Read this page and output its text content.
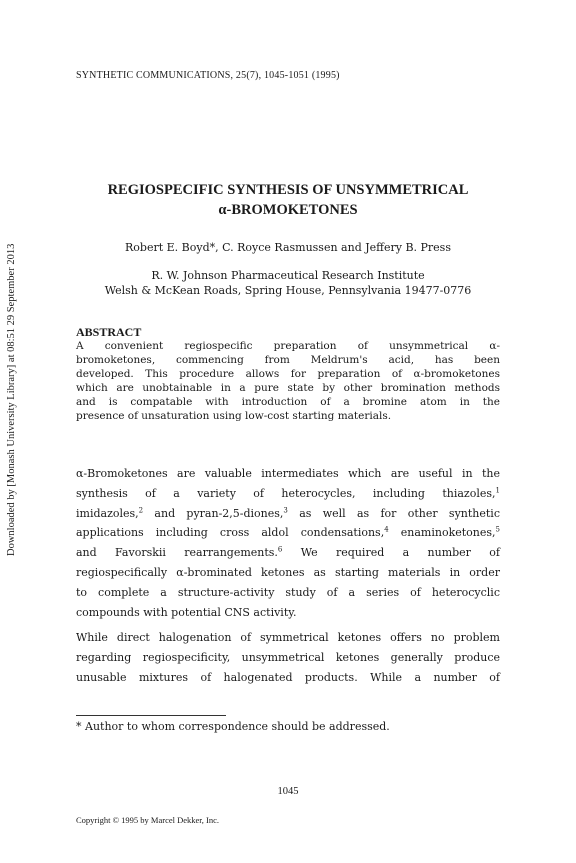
Downloaded by [Monash University Library] at 08:51 29 September 2013
SYNTHETIC COMMUNICATIONS, 25(7), 1045-1051 (1995)
REGIOSPECIFIC SYNTHESIS OF UNSYMMETRICAL
α-BROMOKETONES
Robert E. Boyd*, C. Royce Rasmussen and Jeffery B. Press
R. W. Johnson Pharmaceutical Research Institute
Welsh & McKean Roads, Spring House, Pennsylvania 19477-0776
ABSTRACT
A convenient regiospecific preparation of unsymmetrical α-
bromoketones, commencing from Meldrum's acid, has been
developed. This procedure allows for preparation of α-bromoketones
which are unobtainable in a pure state by other bromination methods
and is compatable with introduction of a bromine atom in the
presence of unsaturation using low-cost starting materials.
α-Bromoketones are valuable intermediates which are useful in the
synthesis of a variety of heterocycles, including thiazoles,$^1$
imidazoles,$^2$ and pyran-2,5-diones,$^3$ as well as for other synthetic
applications including cross aldol condensations,$^4$ enaminoketones,$^5$
and Favorskii rearrangements.$^6$ We required a number of
regiospecifically α-brominated ketones as starting materials in order
to complete a structure-activity study of a series of heterocyclic
compounds with potential CNS activity.
While direct halogenation of symmetrical ketones offers no problem
regarding regiospecificity, unsymmetrical ketones generally produce
unusable mixtures of halogenated products. While a number of
* Author to whom correspondence should be addressed.
1045
Copyright © 1995 by Marcel Dekker, Inc.
